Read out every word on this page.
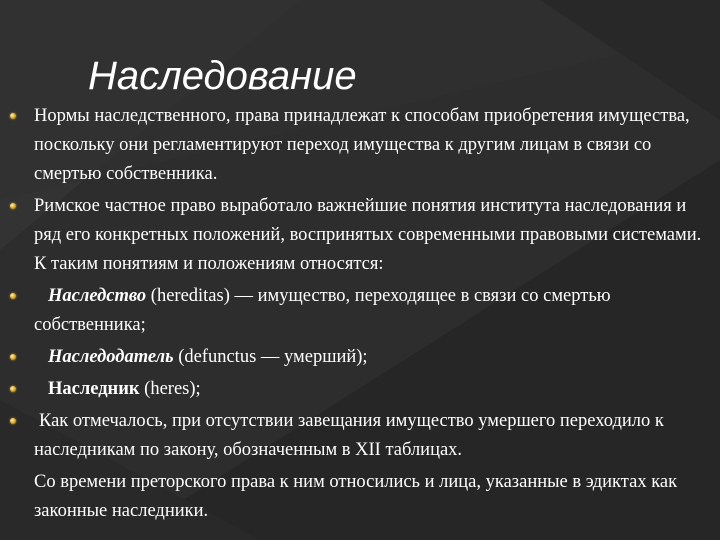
Наследование
Нормы наследственного, права принадлежат к способам приобретения имущества, поскольку они регламентируют переход имущества к другим лицам в связи со смертью собственника.
Римское частное право выработало важнейшие понятия института наследования и ряд его конкретных положений, воспринятых современными правовыми системами. К таким понятиям и положениям относятся:
Наследство (hereditas) — имущество, переходящее в связи со смертью собственника;
Наследодатель (defunctus — умерший);
Наследник (heres);
Как отмечалось, при отсутствии завещания имущество умершего переходило к наследникам по закону, обозначенным в XII таблицах.
Со времени преторского права к ним относились и лица, указанные в эдиктах как законные наследники.
